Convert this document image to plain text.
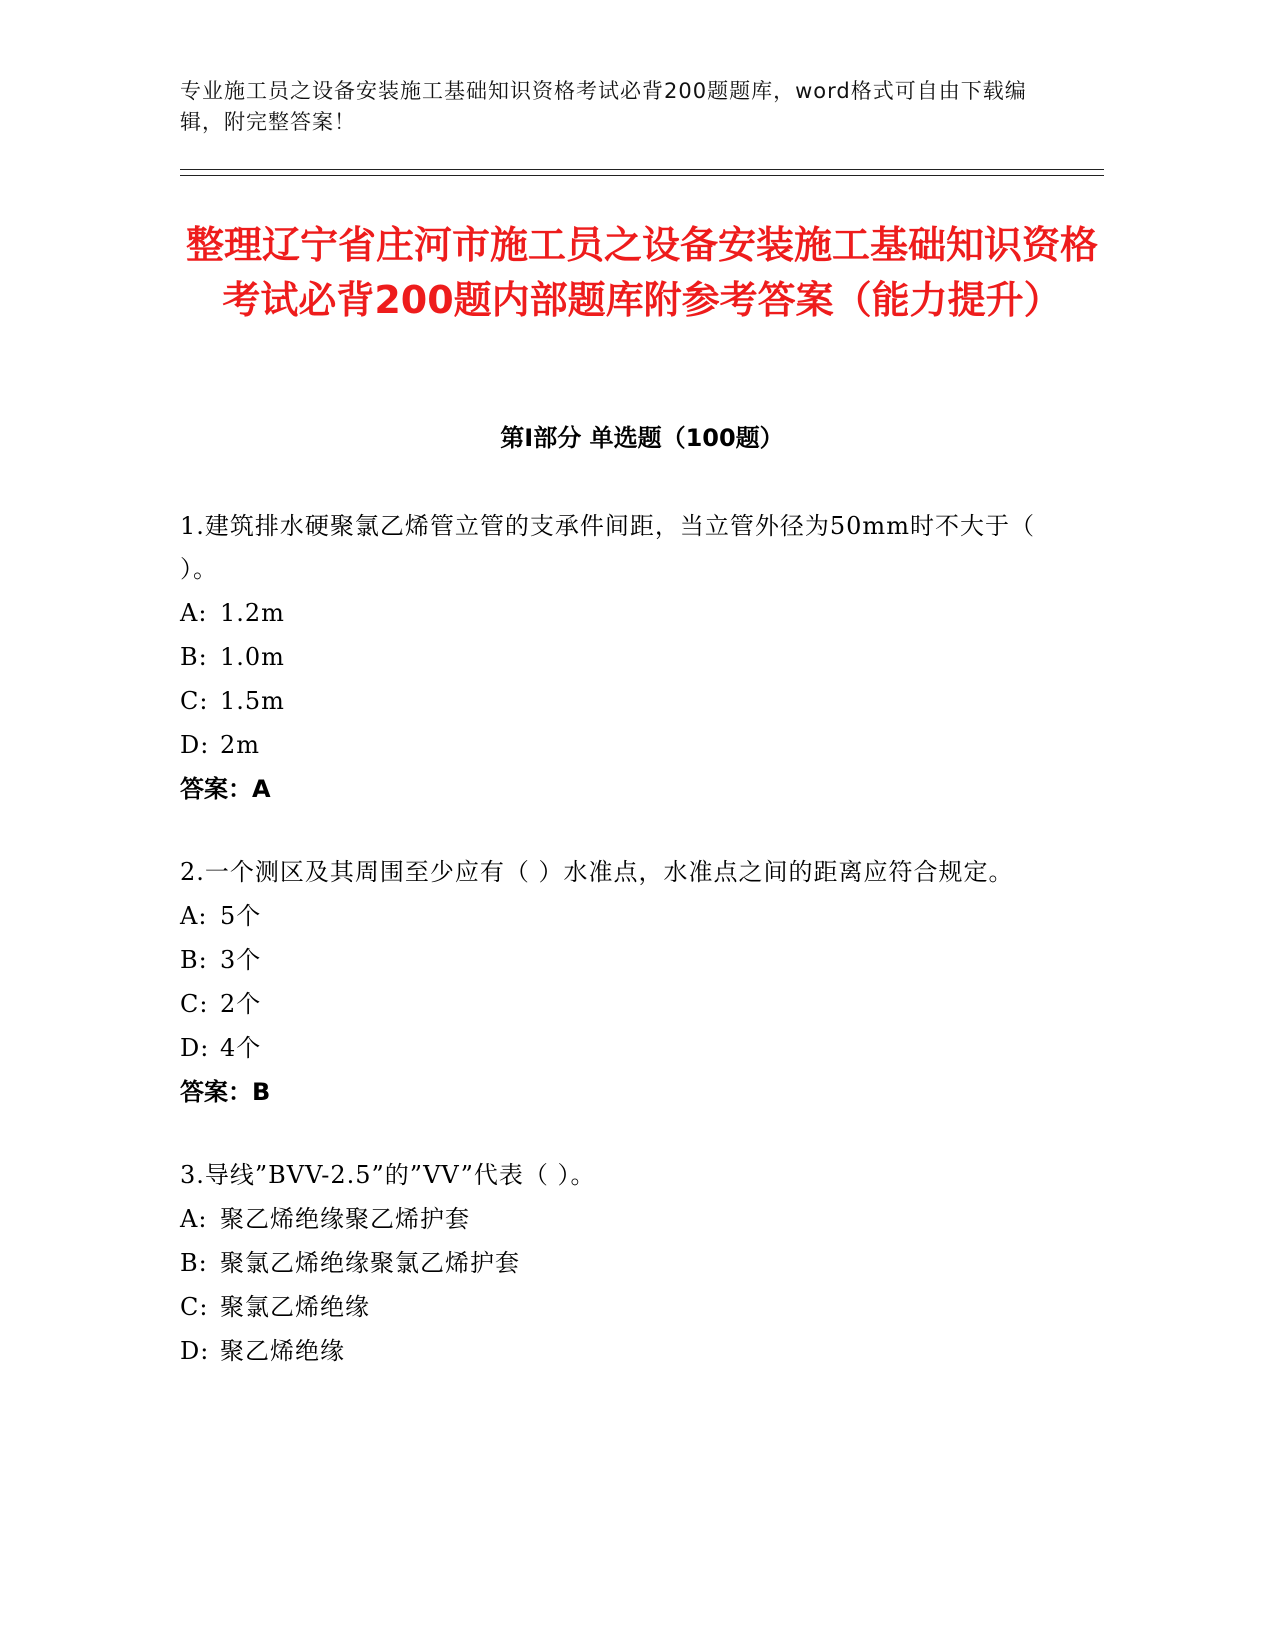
专业施工员之设备安装施工基础知识资格考试必背200题题库，word格式可自由下载编辑，附完整答案！
整理辽宁省庄河市施工员之设备安装施工基础知识资格考试必背200题内部题库附参考答案（能力提升）
第Ⅰ部分 单选题（100题）

1.建筑排水硬聚氯乙烯管立管的支承件间距，当立管外径为50mm时不大于（ ）。

A: 1.2m

B: 1.0m

C: 1.5m

D: 2m

答案：A

2.一个测区及其周围至少应有（ ）水准点，水准点之间的距离应符合规定。

A: 5个

B: 3个

C: 2个

D: 4个

答案：B

3.导线”BVV-2.5”的”VV”代表（ ）。

A: 聚乙烯绝缘聚乙烯护套

B: 聚氯乙烯绝缘聚氯乙烯护套

C: 聚氯乙烯绝缘

D: 聚乙烯绝缘
